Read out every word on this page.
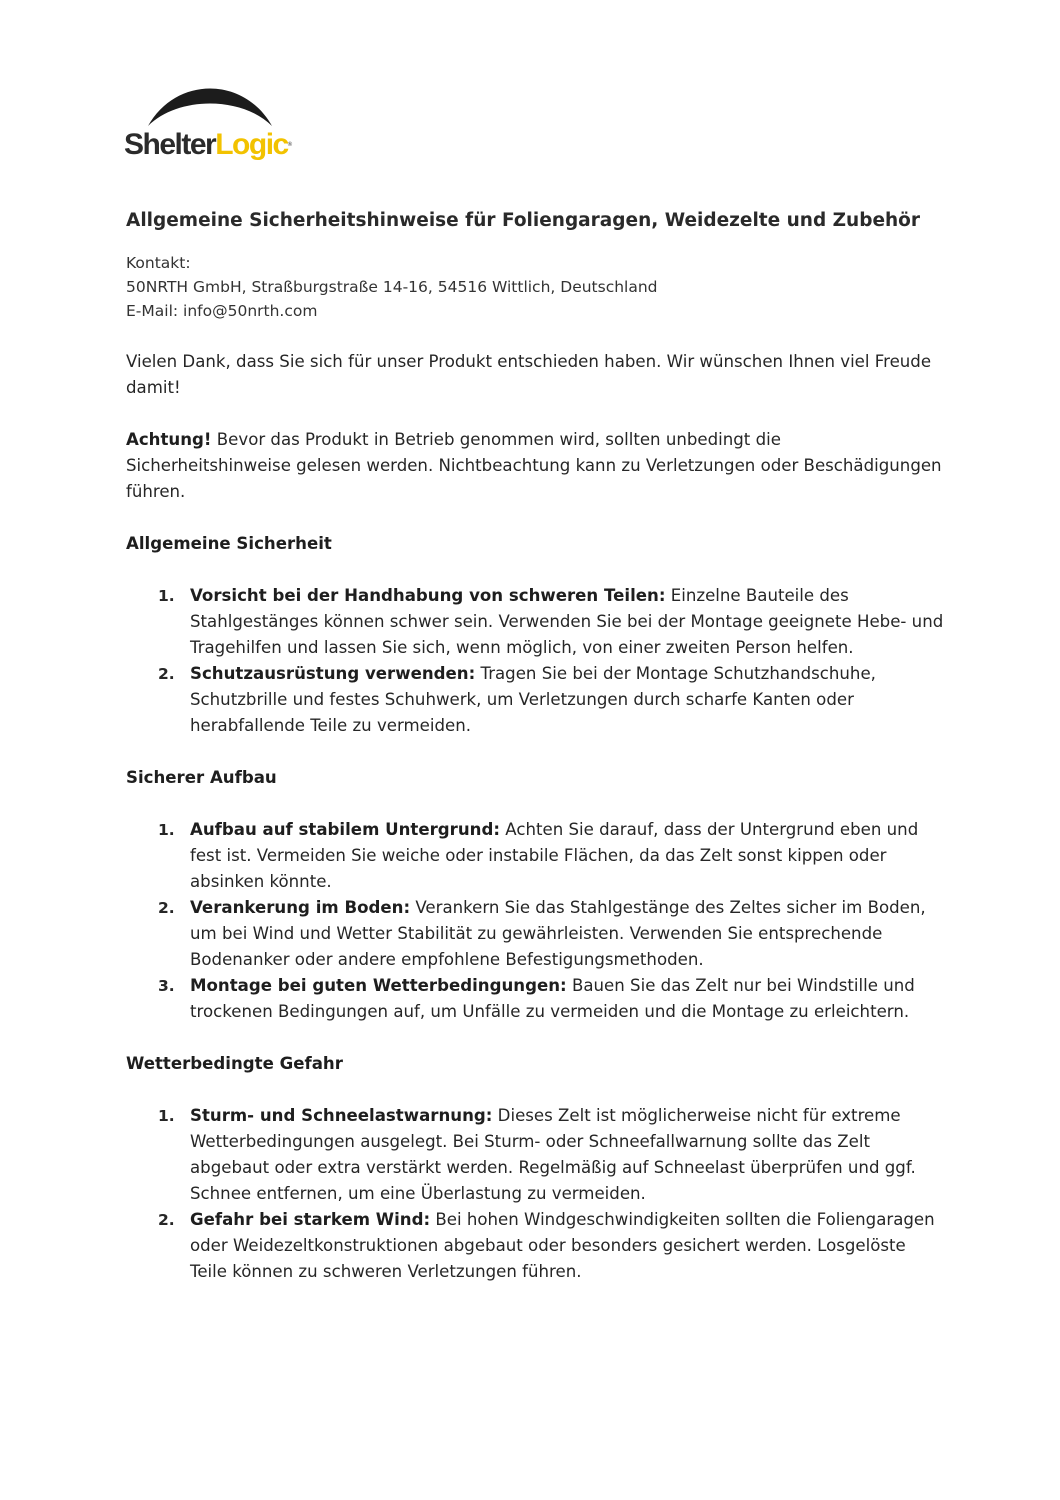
ShelterLogic®
Allgemeine Sicherheitshinweise für Foliengaragen, Weidezelte und Zubehör
Kontakt:
50NRTH GmbH, Straßburgstraße 14-16, 54516 Wittlich, Deutschland
E-Mail: info@50nrth.com

Vielen Dank, dass Sie sich für unser Produkt entschieden haben. Wir wünschen Ihnen viel Freude damit!

Achtung! Bevor das Produkt in Betrieb genommen wird, sollten unbedingt die Sicherheitshinweise gelesen werden. Nichtbeachtung kann zu Verletzungen oder Beschädigungen führen.

Allgemeine Sicherheit
1. Vorsicht bei der Handhabung von schweren Teilen: Einzelne Bauteile des Stahlgestänges können schwer sein. Verwenden Sie bei der Montage geeignete Hebe- und Tragehilfen und lassen Sie sich, wenn möglich, von einer zweiten Person helfen.
2. Schutzausrüstung verwenden: Tragen Sie bei der Montage Schutzhandschuhe, Schutzbrille und festes Schuhwerk, um Verletzungen durch scharfe Kanten oder herabfallende Teile zu vermeiden.
Sicherer Aufbau
1. Aufbau auf stabilem Untergrund: Achten Sie darauf, dass der Untergrund eben und fest ist. Vermeiden Sie weiche oder instabile Flächen, da das Zelt sonst kippen oder absinken könnte.
2. Verankerung im Boden: Verankern Sie das Stahlgestänge des Zeltes sicher im Boden, um bei Wind und Wetter Stabilität zu gewährleisten. Verwenden Sie entsprechende Bodenanker oder andere empfohlene Befestigungsmethoden.
3. Montage bei guten Wetterbedingungen: Bauen Sie das Zelt nur bei Windstille und trockenen Bedingungen auf, um Unfälle zu vermeiden und die Montage zu erleichtern.
Wetterbedingte Gefahr
1. Sturm- und Schneelastwarnung: Dieses Zelt ist möglicherweise nicht für extreme Wetterbedingungen ausgelegt. Bei Sturm- oder Schneefallwarnung sollte das Zelt abgebaut oder extra verstärkt werden. Regelmäßig auf Schneelast überprüfen und ggf. Schnee entfernen, um eine Überlastung zu vermeiden.
2. Gefahr bei starkem Wind: Bei hohen Windgeschwindigkeiten sollten die Foliengaragen oder Weidezeltkonstruktionen abgebaut oder besonders gesichert werden. Losgelöste Teile können zu schweren Verletzungen führen.
